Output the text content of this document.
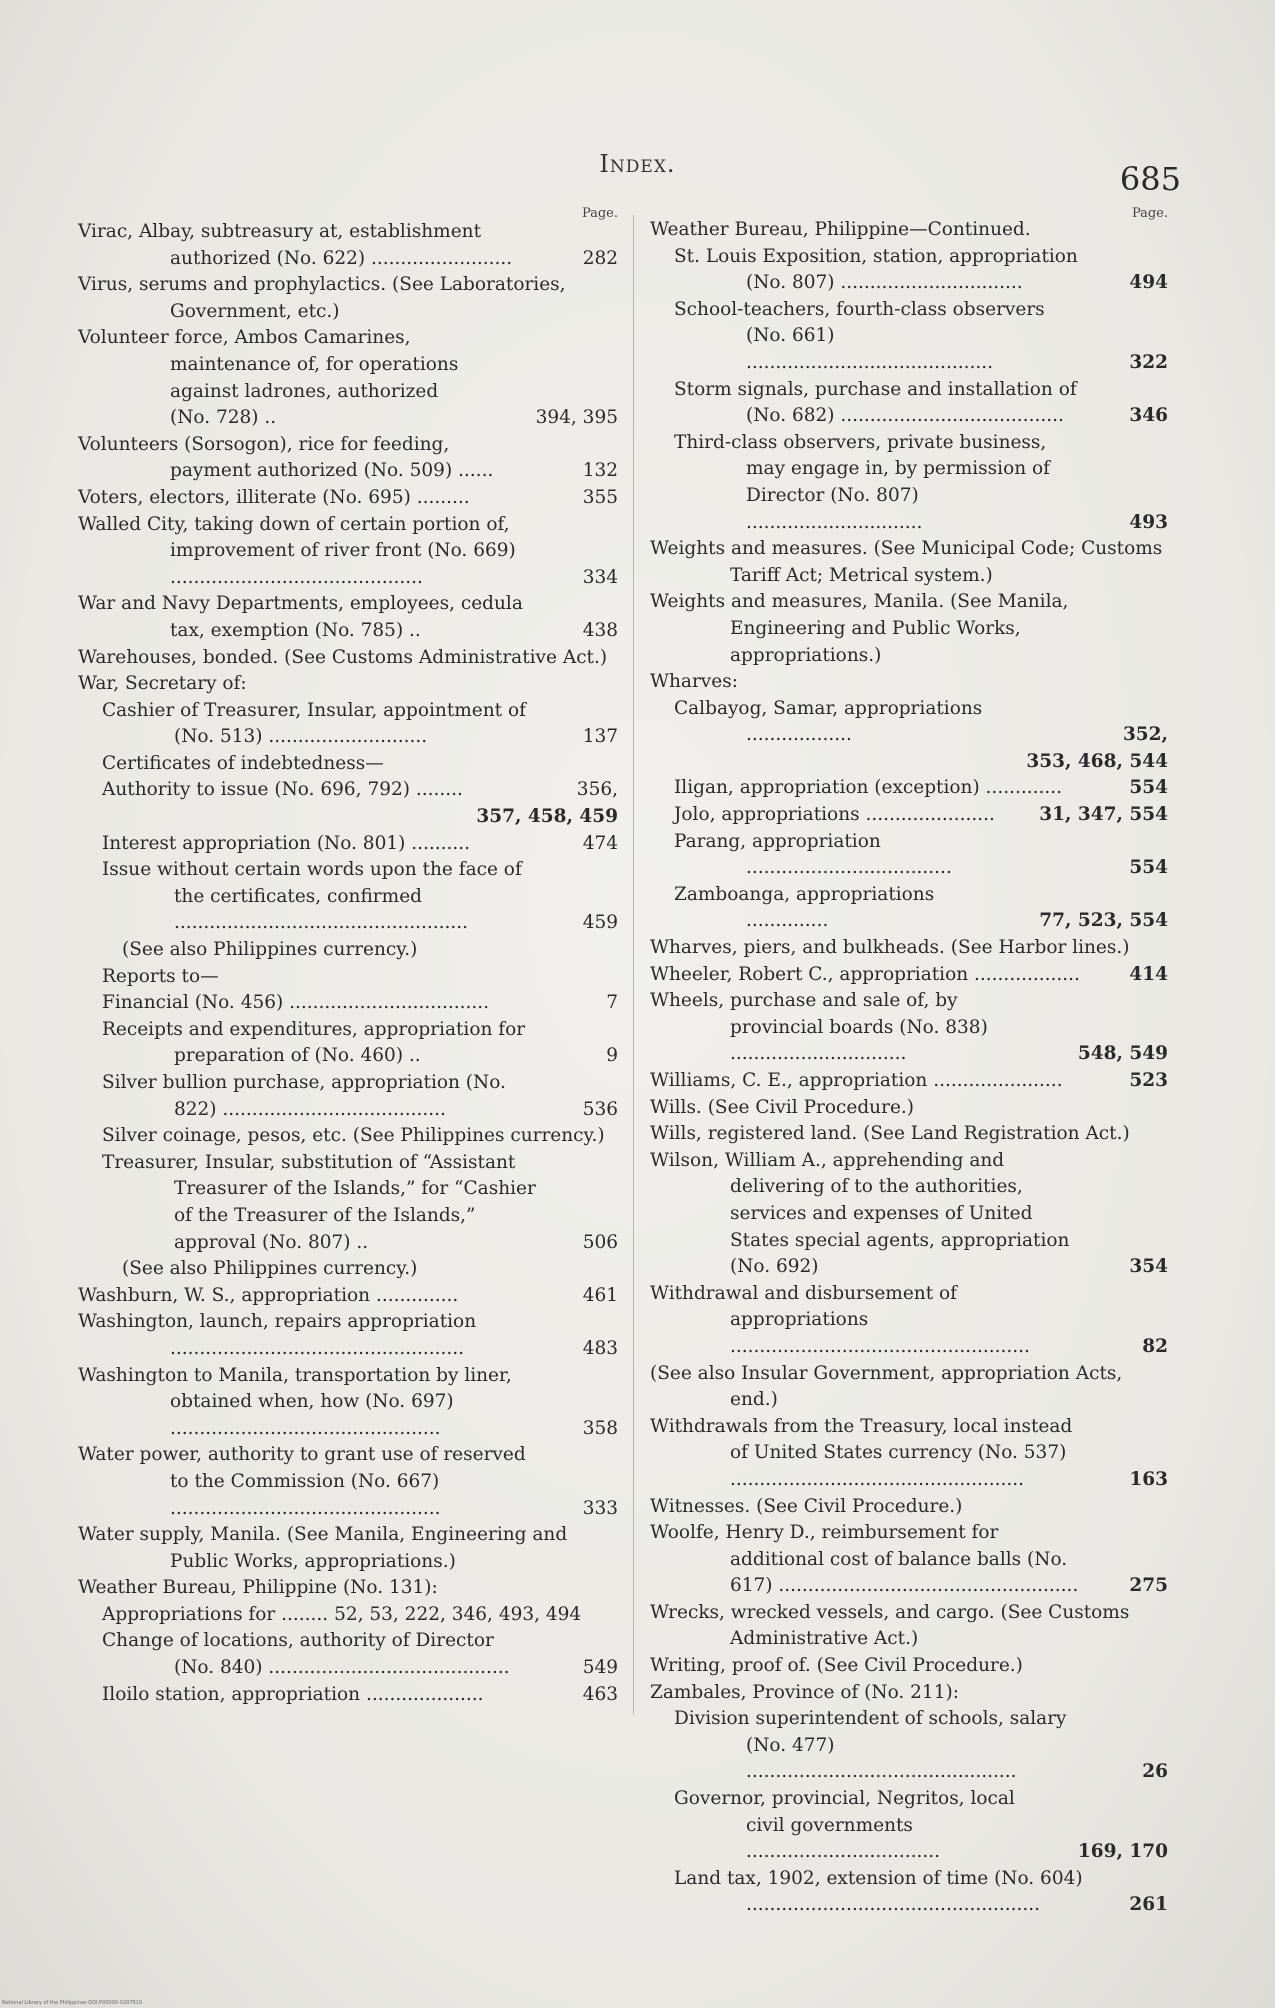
Index.	685
Page.
Virac, Albay, subtreasury at, establishment authorized (No. 622) ........................	282
Virus, serums and prophylactics. (See Laboratories, Government, etc.)
Volunteer force, Ambos Camarines, maintenance of, for operations against ladrones, authorized (No. 728) ..	394, 395
Volunteers (Sorsogon), rice for feeding, payment authorized (No. 509) ......	132
Voters, electors, illiterate (No. 695) .........	355
Walled City, taking down of certain portion of, improvement of river front (No. 669) ...........................................	334
War and Navy Departments, employees, cedula tax, exemption (No. 785) ..	438
Warehouses, bonded. (See Customs Administrative Act.)
War, Secretary of:
Cashier of Treasurer, Insular, appointment of (No. 513) ...........................	137
Certificates of indebtedness—
Authority to issue (No. 696, 792) ........	356,
357, 458, 459
Interest appropriation (No. 801) ..........	474
Issue without certain words upon the face of the certificates, confirmed ..................................................	459
(See also Philippines currency.)
Reports to—
Financial (No. 456) ..................................	7
Receipts and expenditures, appropriation for preparation of (No. 460) ..	9
Silver bullion purchase, appropriation (No. 822) ......................................	536
Silver coinage, pesos, etc. (See Philippines currency.)
Treasurer, Insular, substitution of “Assistant Treasurer of the Islands,” for “Cashier of the Treasurer of the Islands,” approval (No. 807) ..	506
(See also Philippines currency.)
Washburn, W. S., appropriation ..............	461
Washington, launch, repairs appropriation ..................................................	483
Washington to Manila, transportation by liner, obtained when, how (No. 697) ..............................................	358
Water power, authority to grant use of reserved to the Commission (No. 667) ..............................................	333
Water supply, Manila. (See Manila, Engineering and Public Works, appropriations.)
Weather Bureau, Philippine (No. 131):
Appropriations for ........ 52, 53, 222, 346, 493, 494
Change of locations, authority of Director (No. 840) .........................................	549
Iloilo station, appropriation ....................	463
Page.
Weather Bureau, Philippine—Continued.
St. Louis Exposition, station, appropriation (No. 807) ...............................	494
School-teachers, fourth-class observers (No. 661) ..........................................	322
Storm signals, purchase and installation of (No. 682) ......................................	346
Third-class observers, private business, may engage in, by permission of Director (No. 807) ..............................	493
Weights and measures. (See Municipal Code; Customs Tariff Act; Metrical system.)
Weights and measures, Manila. (See Manila, Engineering and Public Works, appropriations.)
Wharves:
Calbayog, Samar, appropriations ..................	352,
353, 468, 544
Iligan, appropriation (exception) .............	554
Jolo, appropriations ...................... 31, 347, 554
Parang, appropriation ...................................	554
Zamboanga, appropriations ..............	77, 523, 554
Wharves, piers, and bulkheads. (See Harbor lines.)
Wheeler, Robert C., appropriation ..................	414
Wheels, purchase and sale of, by provincial boards (No. 838) ..............................	548, 549
Williams, C. E., appropriation ......................	523
Wills. (See Civil Procedure.)
Wills, registered land. (See Land Registration Act.)
Wilson, William A., apprehending and delivering of to the authorities, services and expenses of United States special agents, appropriation (No. 692)	354
Withdrawal and disbursement of appropriations ...................................................	82
(See also Insular Government, appropriation Acts, end.)
Withdrawals from the Treasury, local instead of United States currency (No. 537) ..................................................	163
Witnesses. (See Civil Procedure.)
Woolfe, Henry D., reimbursement for additional cost of balance balls (No. 617) ...................................................	275
Wrecks, wrecked vessels, and cargo. (See Customs Administrative Act.)
Writing, proof of. (See Civil Procedure.)
Zambales, Province of (No. 211):
Division superintendent of schools, salary (No. 477) ..............................................	26
Governor, provincial, Negritos, local civil governments .................................	169, 170
Land tax, 1902, extension of time (No. 604) ..................................................	261
National Library of the Philippines DOI:P00000-0207610
